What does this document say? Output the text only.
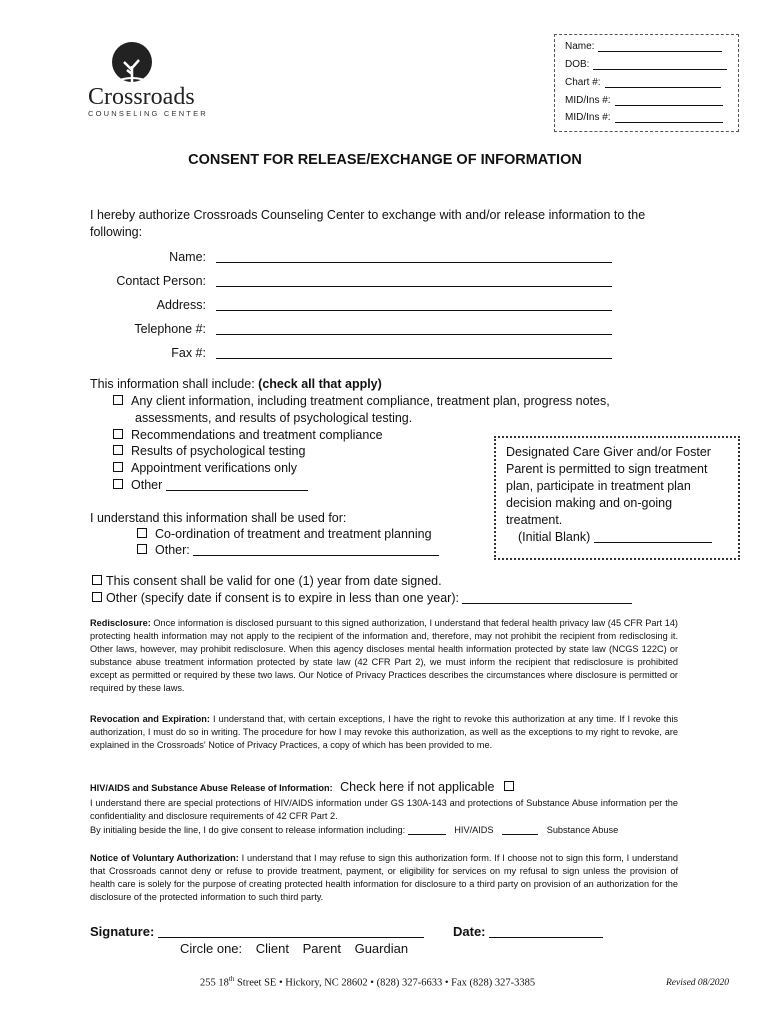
Crossroads
COUNSELING CENTER
Name:
DOB:
Chart #:
MID/Ins #:
MID/Ins #:
CONSENT FOR RELEASE/EXCHANGE OF INFORMATION
I hereby authorize Crossroads Counseling Center to exchange with and/or release information to the following:
Name:
Contact Person:
Address:
Telephone #:
Fax #:
This information shall include: (check all that apply)
Any client information, including treatment compliance, treatment plan, progress notes,
assessments, and results of psychological testing.
Recommendations and treatment compliance
Results of psychological testing
Appointment verifications only
Other
I understand this information shall be used for:
Co-ordination of treatment and treatment planning
Other:
Designated Care Giver and/or Foster Parent is permitted to sign treatment plan, participate in treatment plan decision making and on-going treatment.
(Initial Blank)
This consent shall be valid for one (1) year from date signed.
Other (specify date if consent is to expire in less than one year):
Redisclosure: Once information is disclosed pursuant to this signed authorization, I understand that federal health privacy law (45 CFR Part 14) protecting health information may not apply to the recipient of the information and, therefore, may not prohibit the recipient from redisclosing it. Other laws, however, may prohibit redisclosure. When this agency discloses mental health information protected by state law (NCGS 122C) or substance abuse treatment information protected by state law (42 CFR Part 2), we must inform the recipient that redisclosure is prohibited except as permitted or required by these two laws. Our Notice of Privacy Practices describes the circumstances where disclosure is permitted or required by these laws.
Revocation and Expiration: I understand that, with certain exceptions, I have the right to revoke this authorization at any time. If I revoke this authorization, I must do so in writing. The procedure for how I may revoke this authorization, as well as the exceptions to my right to revoke, are explained in the Crossroads' Notice of Privacy Practices, a copy of which has been provided to me.
HIV/AIDS and Substance Abuse Release of Information: Check here if not applicable
I understand there are special protections of HIV/AIDS information under GS 130A-143 and protections of Substance Abuse information per the confidentiality and disclosure requirements of 42 CFR Part 2.
By initialing beside the line, I do give consent to release information including:	HIV/AIDS	Substance Abuse
Notice of Voluntary Authorization: I understand that I may refuse to sign this authorization form. If I choose not to sign this form, I understand that Crossroads cannot deny or refuse to provide treatment, payment, or eligibility for services on my refusal to sign unless the provision of health care is solely for the purpose of creating protected health information for disclosure to a third party on provision of an authorization for the disclosure of the protected information to such third party.
Signature:	Date:
Circle one: Client Parent Guardian
255 18th Street SE • Hickory, NC 28602 • (828) 327-6633 • Fax (828) 327-3385	Revised 08/2020
